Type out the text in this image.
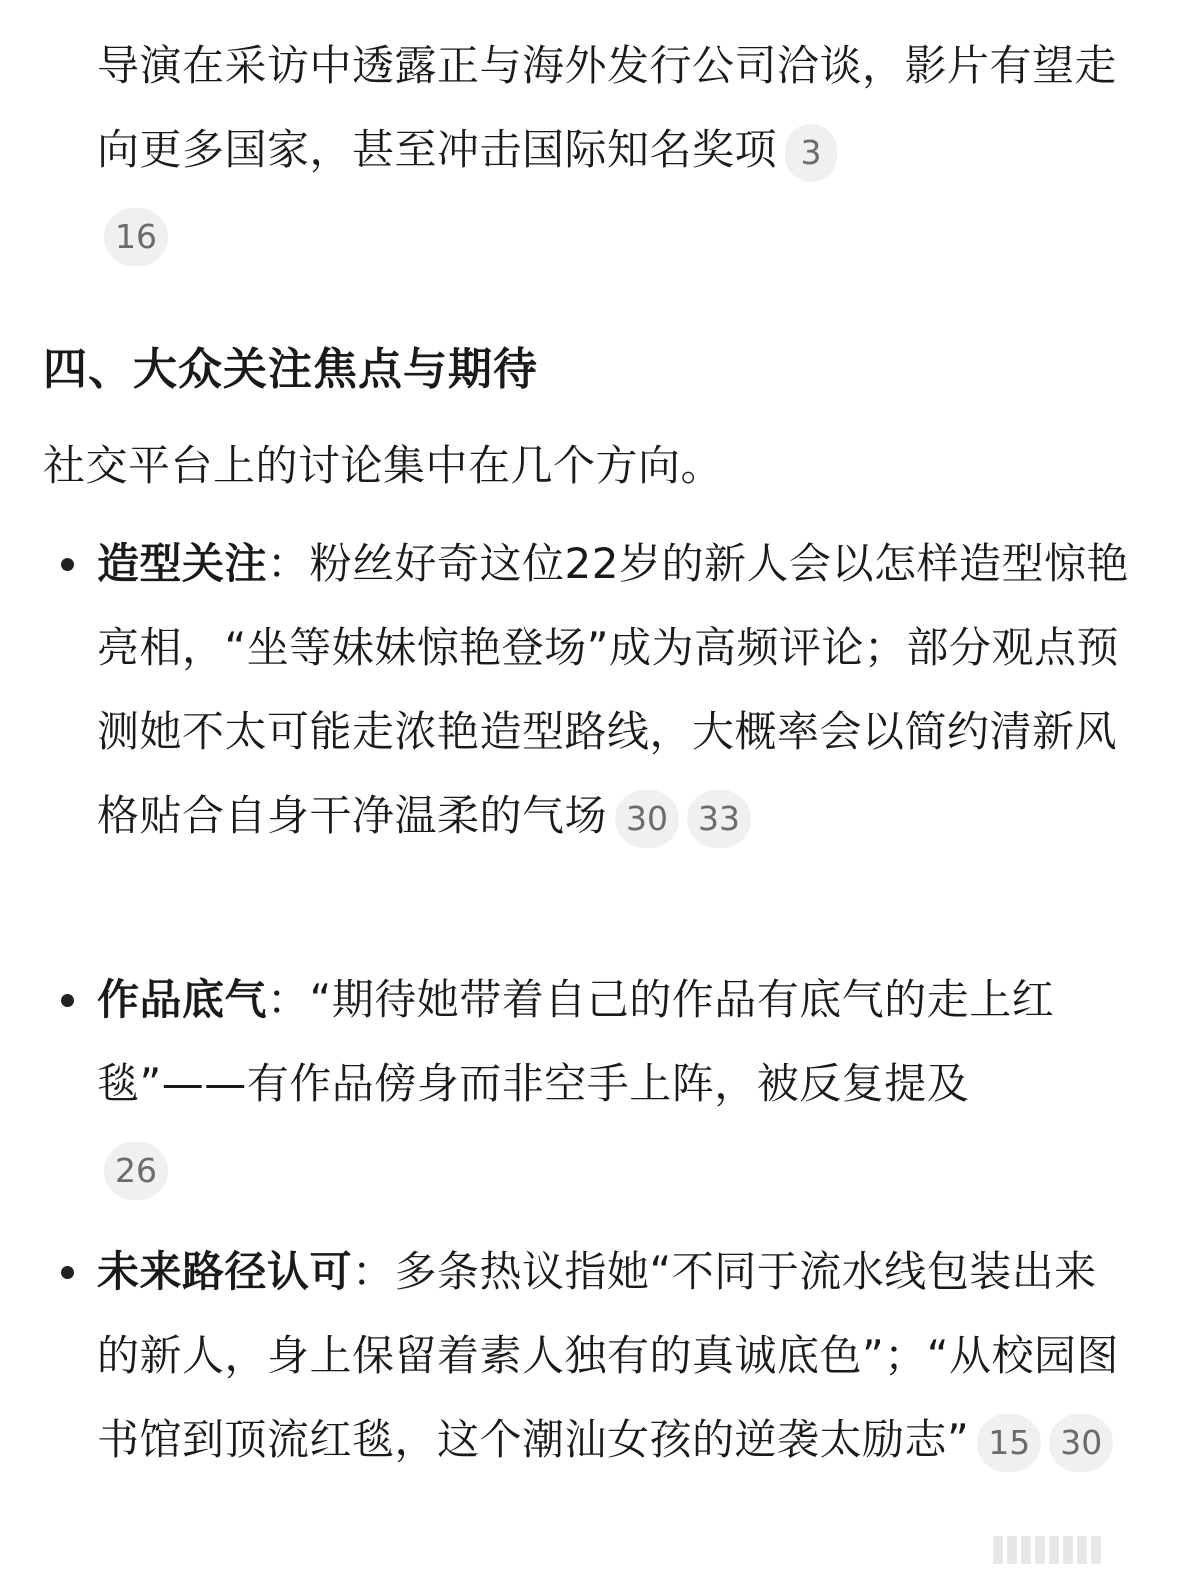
导演在采访中透露正与海外发行公司洽谈，影片有望走向更多国家，甚至冲击国际知名奖项 3
16
四、大众关注焦点与期待
社交平台上的讨论集中在几个方向。
造型关注：粉丝好奇这位22岁的新人会以怎样造型惊艳亮相，“坐等妹妹惊艳登场”成为高频评论；部分观点预测她不太可能走浓艳造型路线，大概率会以简约清新风格贴合自身干净温柔的气场 30 33
作品底气：“期待她带着自己的作品有底气的走上红毯”——有作品傍身而非空手上阵，被反复提及
26
未来路径认可：多条热议指她“不同于流水线包装出来的新人，身上保留着素人独有的真诚底色”；“从校园图书馆到顶流红毯，这个潮汕女孩的逆袭太励志” 15 30
